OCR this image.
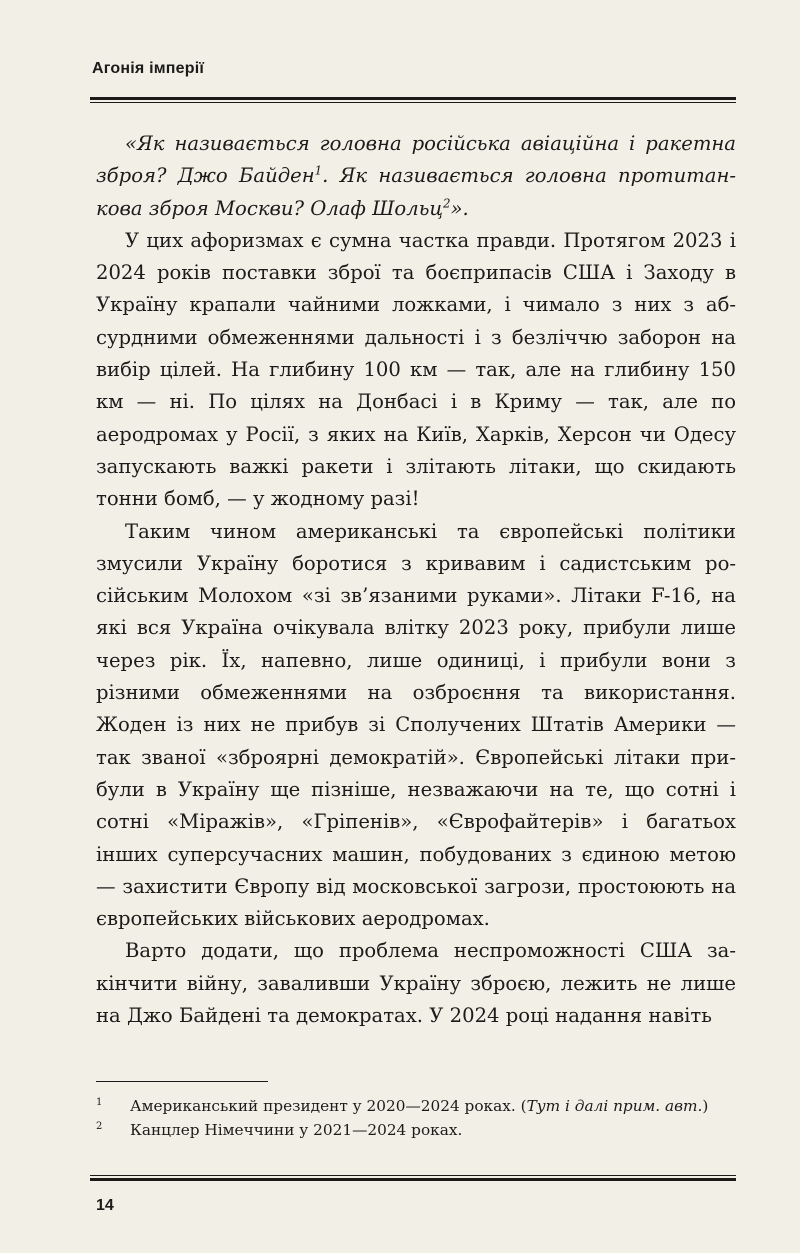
Агонія імперії

«Як називається головна російська авіаційна і ракетна зброя? Джо Байден$^1$. Як називається головна протитанкова зброя Москви? Олаф Шольц$^2$».

У цих афоризмах є сумна частка правди. Протягом 2023 і 2024 років поставки зброї та боєприпасів США і Заходу в Україну крапали чайними ложками, і чимало з них з абсурдними обмеженнями дальності і з безліччю заборон на вибір цілей. На глибину 100 км — так, але на глибину 150 км — ні. По цілях на Донбасі і в Криму — так, але по аеродромах у Росії, з яких на Київ, Харків, Херсон чи Одесу запускають важкі ракети і злітають літаки, що скидають тонни бомб, — у жодному разі!

Таким чином американські та європейські політики змусили Україну боротися з кривавим і садистським російським Молохом «зі зв’язаними руками». Літаки F-16, на які вся Україна очікувала влітку 2023 року, прибули лише через рік. Їх, напевно, лише одиниці, і прибули вони з різними обмеженнями на озброєння та використання. Жоден із них не прибув зі Сполучених Штатів Америки — так званої «зброярні демократій». Європейські літаки прибули в Україну ще пізніше, незважаючи на те, що сотні і сотні «Міражів», «Гріпенів», «Єврофайтерів» і багатьох інших суперсучасних машин, побудованих з єдиною метою — захистити Європу від московської загрози, простоюють на європейських військових аеродромах.

Варто додати, що проблема неспроможності США закінчити війну, заваливши Україну зброєю, лежить не лише на Джо Байдені та демократах. У 2024 році надання навіть

1	Американський президент у 2020—2024 роках. (Тут і далі прим. авт.)
2	Канцлер Німеччини у 2021—2024 роках.
14
